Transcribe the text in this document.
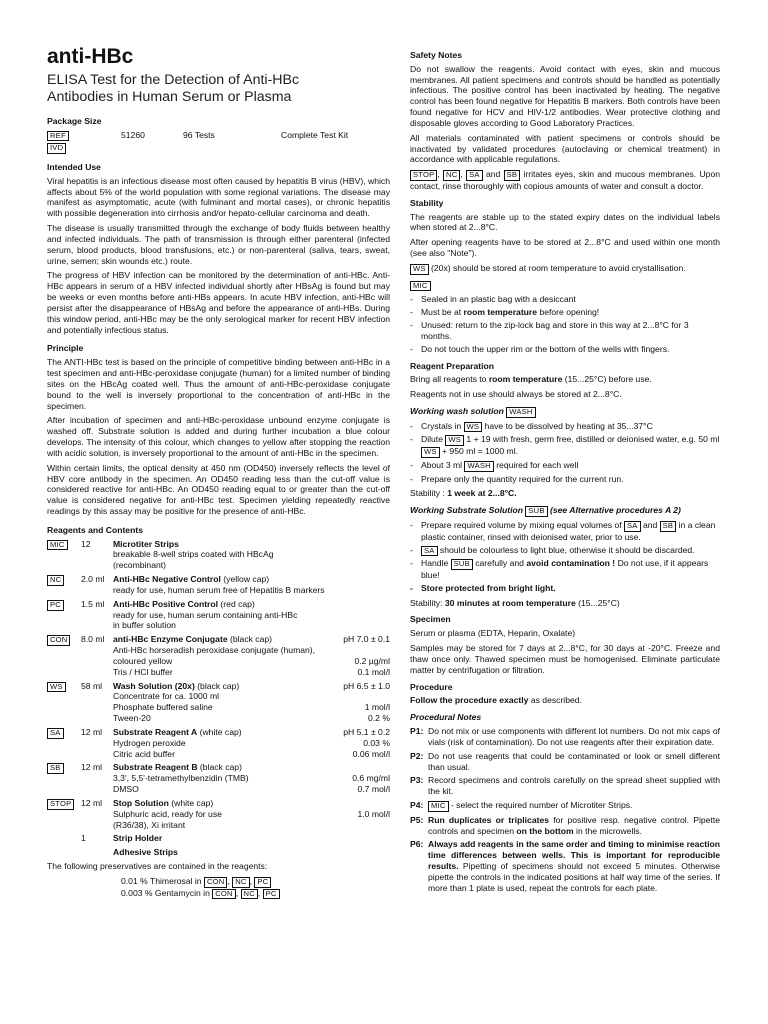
anti-HBc
ELISA Test for the Detection of Anti-HBc
Antibodies in Human Serum or Plasma
Package Size
REF	51260	96 Tests	Complete Test Kit
IVD
Intended Use

Viral hepatitis is an infectious disease most often caused by hepatitis B virus (HBV), which affects about 5% of the world population with some regional variations. The disease may manifest as asymptomatic, acute (with fulminant and mortal cases), or chronic hepatitis with possible degeneration into cirrhosis and/or hepato-cellular carcinoma and death.

The disease is usually transmitted through the exchange of body fluids between healthy and infected individuals. The path of transmission is through either parenteral (infected serum, blood products, blood transfusions, etc.) or non-parenteral (saliva, tears, sweat, urine, semen; skin wounds etc.) route.

The progress of HBV infection can be monitored by the determination of anti-HBc. Anti-HBc appears in serum of a HBV infected individual shortly after HBsAg is found but may be weeks or even months before anti-HBs appears. In acute HBV infection, anti-HBc will persist after the disappearance of HBsAg and before the appearance of anti-HBs. During this window period, anti-HBc may be the only serological marker for recent HBV infection and potentially infectious status.

Principle

The ANTI-HBc test is based on the principle of competitive binding between anti-HBc in a test specimen and anti-HBc-peroxidase conjugate (human) for a limited number of binding sites on the HBcAg coated well. Thus the amount of anti-HBc-peroxidase conjugate bound to the well is inversely proportional to the concentration of anti-HBc in the specimen.

After incubation of specimen and anti-HBc-peroxidase unbound enzyme conjugate is washed off. Substrate solution is added and during further incubation a blue colour develops. The intensity of this colour, which changes to yellow after stopping the reaction with acidic solution, is inversely proportional to the amount of anti-HBc in the specimen.

Within certain limits, the optical density at 450 nm (OD450) inversely reflects the level of HBV core antibody in the specimen. An OD450 reading less than the cut-off value is considered reactive for anti-HBc. An OD450 reading equal to or greater than the cut-off value is considered negative for anti-HBc test. Specimen yielding repeatedly reactive readings by this assay may be positive for the presence of anti-HBc.

Reagents and Contents
MIC	12	Microtiter Strips
breakable 8-well strips coated with HBcAg
(recombinant)
NC	2.0 ml Anti-HBc Negative Control (yellow cap)
ready for use, human serum free of Hepatitis B markers
PC	1.5 ml Anti-HBc Positive Control (red cap)
ready for use, human serum containing anti-HBc
in buffer solution
CON	8.0 ml anti-HBc Enzyme Conjugate (black cap)	pH 7.0 ± 0.1
Anti-HBc horseradish peroxidase conjugate (human),
coloured yellow	0.2 µg/ml
Tris / HCl buffer	0.1 mol/l
WS	58 ml	Wash Solution (20x) (black cap)	pH 6.5 ± 1.0
Concentrate for ca. 1000 ml
Phosphate buffered saline	1 mol/l
Tween-20	0.2 %
SA	12 ml	Substrate Reagent A (white cap)	pH 5.1 ± 0.2
Hydrogen peroxide	0.03 %
Citric acid buffer	0.06 mol/l
SB	12 ml	Substrate Reagent B (black cap)
3,3', 5,5'-tetramethylbenzidin (TMB)	0.6 mg/ml
DMSO	0.7 mol/l
STOP	12 ml	Stop Solution (white cap)
Sulphuric acid, ready for use	1.0 mol/l
(R36/38), Xi irritant
1	Strip Holder
Adhesive Strips

The following preservatives are contained in the reagents:

0.01 % Thimerosal in CON , NC , PC
0.003 % Gentamycin in CON , NC , PC
Safety Notes

Do not swallow the reagents. Avoid contact with eyes, skin and mucous membranes. All patient specimens and controls should be handled as potentially infectious. The positive control has been inactivated by heating. The negative control has been found negative for Hepatitis B markers. Both controls have been found negative for HCV and HIV-1/2 antibodies. Wear protective clothing and disposable gloves according to Good Laboratory Practices.

All materials contaminated with patient specimens or controls should be inactivated by validated procedures (autoclaving or chemical treatment) in accordance with applicable regulations.

STOP , NC , SA and SB irritates eyes, skin and mucous membranes. Upon contact, rinse thoroughly with copious amounts of water and consult a doctor.

Stability

The reagents are stable up to the stated expiry dates on the individual labels when stored at 2...8°C.

After opening reagents have to be stored at 2...8°C and used within one month (see also "Note").

WS (20x) should be stored at room temperature to avoid crystallisation.

MIC
- Sealed in an plastic bag with a desiccant
- Must be at room temperature before opening!
- Unused: return to the zip-lock bag and store in this way at 2...8°C for 3 months.
- Do not touch the upper rim or the bottom of the wells with fingers.
Reagent Preparation

Bring all reagents to room temperature (15...25°C) before use.

Reagents not in use should always be stored at 2...8°C.

Working wash solution WASH
- Crystals in WS have to be dissolved by heating at 35...37°C
- Dilute WS 1 + 19 with fresh, germ free, distilled or deionised water, e.g. 50 ml WS + 950 ml = 1000 ml.
- About 3 ml WASH required for each well
- Prepare only the quantity required for the current run.

Stability : 1 week at 2...8°C.

Working Substrate Solution SUB (see Alternative procedures A 2)
- Prepare required volume by mixing equal volumes of SA and SB in a clean plastic container, rinsed with deionised water, prior to use.
- SA should be colourless to light blue, otherwise it should be discarded.
- Handle SUB carefully and avoid contamination ! Do not use, if it appears blue!
- Store protected from bright light.

Stability: 30 minutes at room temperature (15...25°C)

Specimen

Serum or plasma (EDTA, Heparin, Oxalate)

Samples may be stored for 7 days at 2...8°C, for 30 days at -20°C. Freeze and thaw once only. Thawed specimen must be homogenised. Eliminate particulate matter by centrifugation or filtration.

Procedure

Follow the procedure exactly as described.

Procedural Notes
P1: Do not mix or use components with different lot numbers. Do not mix caps of vials (risk of contamination). Do not use reagents after their expiration date.
P2: Do not use reagents that could be contaminated or look or smell different than usual.
P3: Record specimens and controls carefully on the spread sheet supplied with the kit.
P4:	MIC - select the required number of Microtiter Strips.
P5: Run duplicates or triplicates for positive resp. negative control. Pipette controls and specimen on the bottom in the microwells.
P6: Always add reagents in the same order and timing to minimise reaction time differences between wells. This is important for reproducible results. Pipetting of specimens should not exceed 5 minutes. Otherwise pipette the controls in the indicated positions at half way time of the series. If more than 1 plate is used, repeat the controls for each plate.
